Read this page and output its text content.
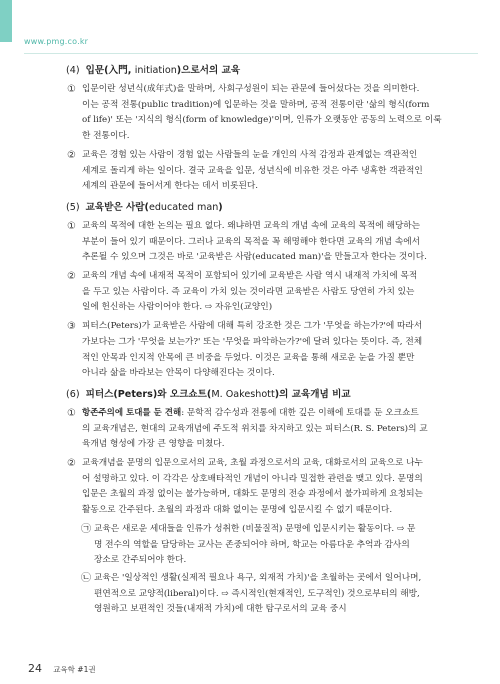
www.pmg.co.kr
(4) 입문(入門, initiation)으로서의 교육
① 입문이란 성년식(成年式)을 말하며, 사회구성원이 되는 관문에 들어섰다는 것을 의미한다.
이는 공적 전통(public tradition)에 입문하는 것을 말하며, 공적 전통이란 '삶의 형식(form
of life)' 또는 '지식의 형식(form of knowledge)'이며, 인류가 오랫동안 공동의 노력으로 이룩
한 전통이다.
② 교육은 경험 있는 사람이 경험 없는 사람들의 눈을 개인의 사적 감정과 관계없는 객관적인
세계로 돌리게 하는 일이다. 결국 교육을 입문, 성년식에 비유한 것은 아주 냉혹한 객관적인
세계의 관문에 들어서게 한다는 데서 비롯된다.
(5) 교육받은 사람(educated man)
① 교육의 목적에 대한 논의는 필요 없다. 왜냐하면 교육의 개념 속에 교육의 목적에 해당하는
부분이 들어 있기 때문이다. 그러나 교육의 목적을 꼭 해명해야 한다면 교육의 개념 속에서
추론될 수 있으며 그것은 바로 '교육받은 사람(educated man)'을 만들고자 한다는 것이다.
② 교육의 개념 속에 내재적 목적이 포함되어 있기에 교육받은 사람 역시 내재적 가치에 목적
을 두고 있는 사람이다. 즉 교육이 가치 있는 것이라면 교육받은 사람도 당연히 가치 있는
일에 헌신하는 사람이어야 한다. ⇨ 자유인(교양인)
③ 피터스(Peters)가 교육받은 사람에 대해 특히 강조한 것은 그가 '무엇을 하는가?'에 따라서
가보다는 그가 '무엇을 보는가?' 또는 '무엇을 파악하는가?'에 달려 있다는 뜻이다. 즉, 전체
적인 안목과 인지적 안목에 큰 비중을 두었다. 이것은 교육을 통해 새로운 눈을 가질 뿐만
아니라 삶을 바라보는 안목이 다양해진다는 것이다.
(6) 피터스(Peters)와 오크쇼트(M. Oakeshott)의 교육개념 비교
① 항존주의에 토대를 둔 견해: 문학적 감수성과 전통에 대한 깊은 이해에 토대를 둔 오크쇼트
의 교육개념은, 현대의 교육개념에 주도적 위치를 차지하고 있는 피터스(R. S. Peters)의 교
육개념 형성에 가장 큰 영향을 미쳤다.
② 교육개념을 문명의 입문으로서의 교육, 초월 과정으로서의 교육, 대화로서의 교육으로 나누
어 설명하고 있다. 이 각각은 상호배타적인 개념이 아니라 밀접한 관련을 맺고 있다. 문명의
입문은 초월의 과정 없이는 불가능하며, 대화도 문명의 전승 과정에서 불가피하게 요청되는
활동으로 간주된다. 초월의 과정과 대화 없이는 문명에 입문시킬 수 없기 때문이다.
㉠ 교육은 새로운 세대들을 인류가 성취한 (비물질적) 문명에 입문시키는 활동이다. ⇨ 문
명 전수의 역할을 담당하는 교사는 존중되어야 하며, 학교는 아름다운 추억과 감사의
장소로 간주되어야 한다.
㉡ 교육은 '일상적인 생활(실제적 필요나 욕구, 외재적 가치)'을 초월하는 곳에서 일어나며,
편연적으로 교양적(liberal)이다. ⇨ 즉시적인(현재적인, 도구적인) 것으로부터의 해방,
영원하고 보편적인 것들(내재적 가치)에 대한 탐구로서의 교육 중시
24 교육학 #1권
